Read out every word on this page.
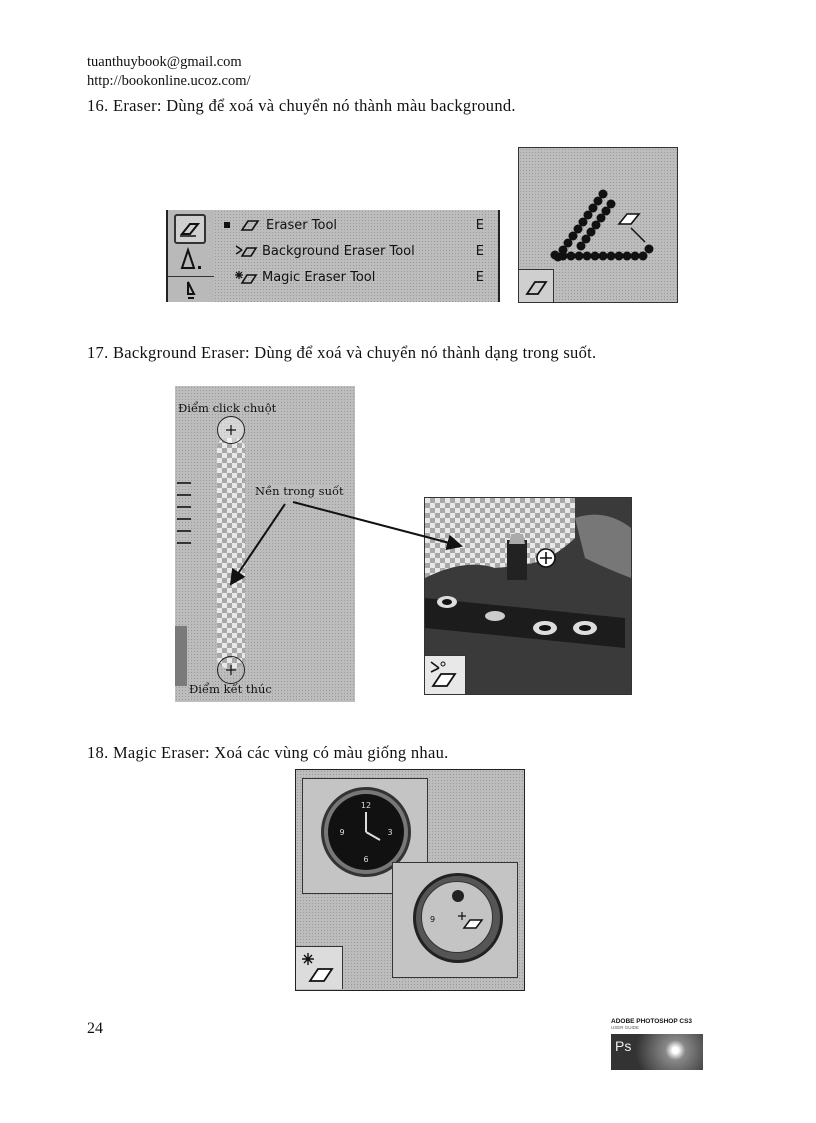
tuanthuybook@gmail.com
http://bookonline.ucoz.com/
16. Eraser: Dùng để xoá và chuyển nó thành màu background.
Eraser Tool	E
Background Eraser Tool	E
Magic Eraser Tool	E
17. Background Eraser: Dùng để xoá và chuyển nó thành dạng trong suốt.
Điểm click chuột
Nền trong suốt
Điểm kết thúc
18. Magic Eraser: Xoá các vùng có màu giống nhau.
12
3
6
9
9
24	ADOBE PHOTOSHOP CS3
USER GUIDE
Ps
